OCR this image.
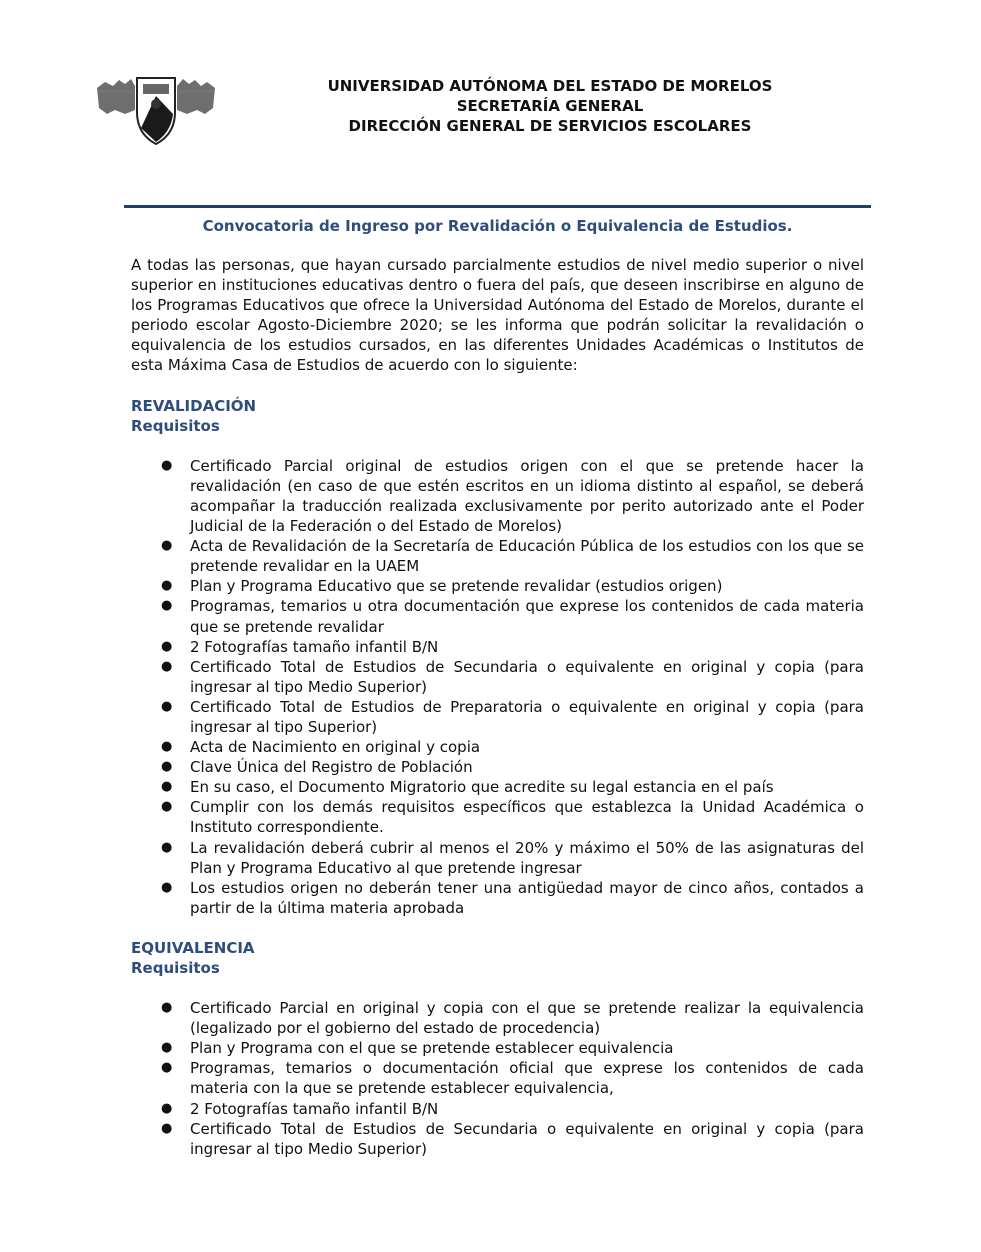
UNIVERSIDAD AUTÓNOMA DEL ESTADO DE MORELOS
SECRETARÍA GENERAL
DIRECCIÓN GENERAL DE SERVICIOS ESCOLARES
Convocatoria de Ingreso por Revalidación o Equivalencia de Estudios.

A todas las personas, que hayan cursado parcialmente estudios de nivel medio superior o nivel superior en instituciones educativas dentro o fuera del país, que deseen inscribirse en alguno de los Programas Educativos que ofrece la Universidad Autónoma del Estado de Morelos, durante el periodo escolar Agosto-Diciembre 2020; se les informa que podrán solicitar la revalidación o equivalencia de los estudios cursados, en las diferentes Unidades Académicas o Institutos de esta Máxima Casa de Estudios de acuerdo con lo siguiente:

REVALIDACIÓN
Requisitos
● Certificado Parcial original de estudios origen con el que se pretende hacer la revalidación (en caso de que estén escritos en un idioma distinto al español, se deberá acompañar la traducción realizada exclusivamente por perito autorizado ante el Poder Judicial de la Federación o del Estado de Morelos)
● Acta de Revalidación de la Secretaría de Educación Pública de los estudios con los que se pretende revalidar en la UAEM
● Plan y Programa Educativo que se pretende revalidar (estudios origen)
● Programas, temarios u otra documentación que exprese los contenidos de cada materia que se pretende revalidar
● 2 Fotografías tamaño infantil B/N
● Certificado Total de Estudios de Secundaria o equivalente en original y copia (para ingresar al tipo Medio Superior)
● Certificado Total de Estudios de Preparatoria o equivalente en original y copia (para ingresar al tipo Superior)
● Acta de Nacimiento en original y copia
● Clave Única del Registro de Población
● En su caso, el Documento Migratorio que acredite su legal estancia en el país
● Cumplir con los demás requisitos específicos que establezca la Unidad Académica o Instituto correspondiente.
● La revalidación deberá cubrir al menos el 20% y máximo el 50% de las asignaturas del Plan y Programa Educativo al que pretende ingresar
● Los estudios origen no deberán tener una antigüedad mayor de cinco años, contados a partir de la última materia aprobada
EQUIVALENCIA
Requisitos
● Certificado Parcial en original y copia con el que se pretende realizar la equivalencia (legalizado por el gobierno del estado de procedencia)
● Plan y Programa con el que se pretende establecer equivalencia
● Programas, temarios o documentación oficial que exprese los contenidos de cada materia con la que se pretende establecer equivalencia,
● 2 Fotografías tamaño infantil B/N
● Certificado Total de Estudios de Secundaria o equivalente en original y copia (para ingresar al tipo Medio Superior)
